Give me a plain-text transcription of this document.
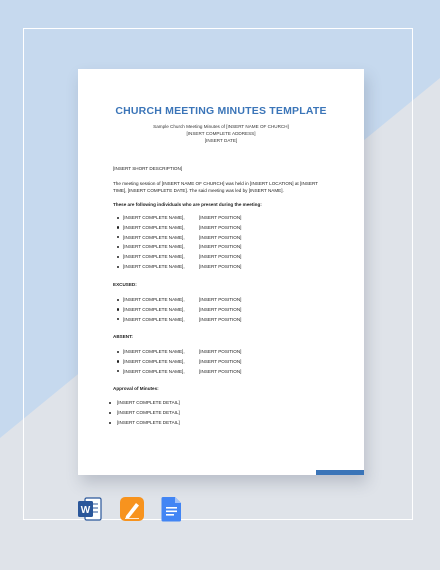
CHURCH MEETING MINUTES TEMPLATE
Sample Church Meeting Minutes of [INSERT NAME OF CHURCH]
[INSERT COMPLETE ADDRESS]
[INSERT DATE]
[INSERT SHORT DESCRIPTION]
The meeting session of [INSERT NAME OF CHURCH] was held in [INSERT LOCATION] at [INSERT
TIME], [INSERT COMPLETE DATE]. The said meeting was led by [INSERT NAME].
These are following individuals who are present during the meeting:
[INSERT COMPLETE NAME],	[INSERT POSITION]
[INSERT COMPLETE NAME],	[INSERT POSITION]
[INSERT COMPLETE NAME],	[INSERT POSITION]
[INSERT COMPLETE NAME],	[INSERT POSITION]
[INSERT COMPLETE NAME],	[INSERT POSITION]
[INSERT COMPLETE NAME],	[INSERT POSITION]
EXCUSED:
[INSERT COMPLETE NAME],	[INSERT POSITION]
[INSERT COMPLETE NAME],	[INSERT POSITION]
[INSERT COMPLETE NAME],	[INSERT POSITION]
ABSENT:
[INSERT COMPLETE NAME],	[INSERT POSITION]
[INSERT COMPLETE NAME],	[INSERT POSITION]
[INSERT COMPLETE NAME],	[INSERT POSITION]
Approval of Minutes:
[INSERT COMPLETE DETAIL]
[INSERT COMPLETE DETAIL]
[INSERT COMPLETE DETAIL]
W
